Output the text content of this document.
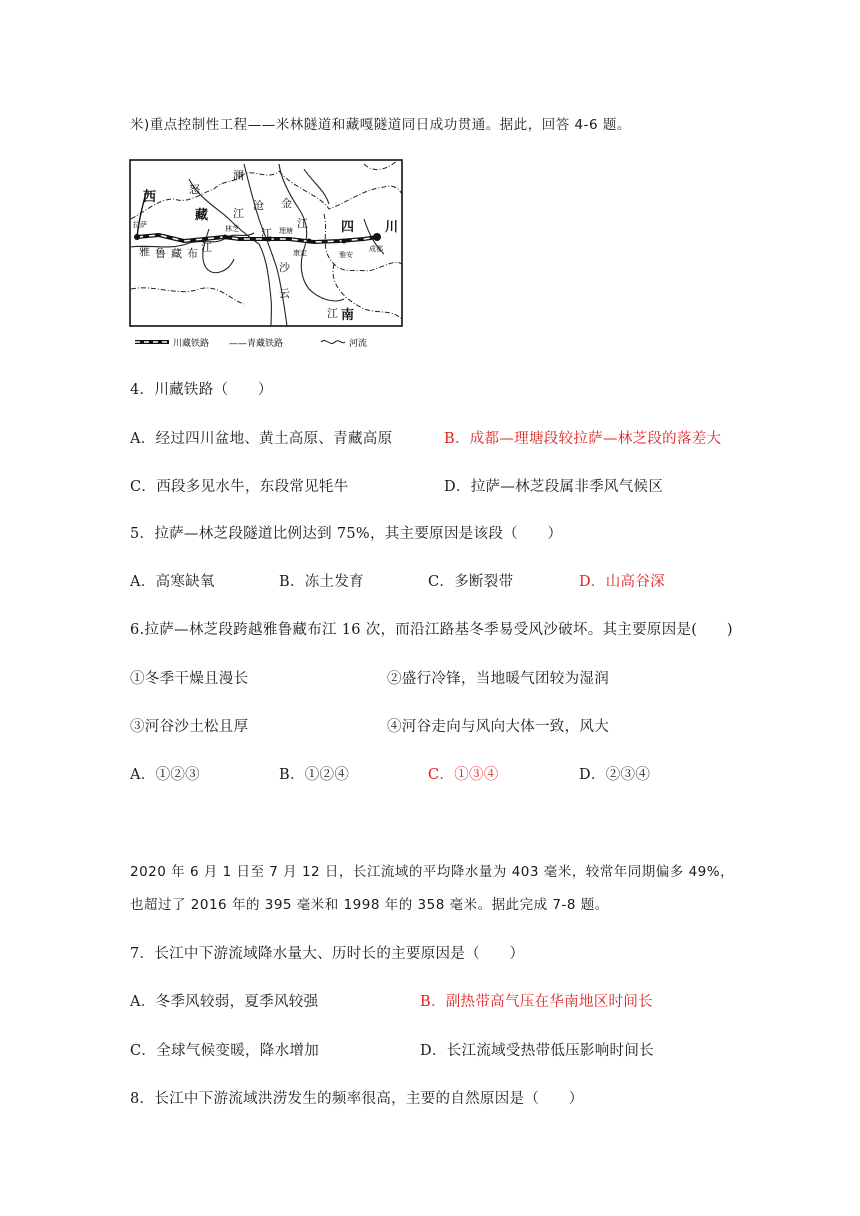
米)重点控制性工程——米林隧道和藏嘎隧道同日成功贯通。据此，回答 4-6 题。
西
藏
怒
江
澜
沧
江
金
江
沙
江
四 川
雅 鲁 藏 布 江
云
南
拉萨	林芝	理塘
康定	雅安
成都
川藏铁路 ——青藏铁路	河流
4．川藏铁路（　　）
A．经过四川盆地、黄土高原、青藏高原	B．成都—理塘段较拉萨—林芝段的落差大
C．西段多见水牛，东段常见牦牛	D．拉萨—林芝段属非季风气候区
5．拉萨—林芝段隧道比例达到 75%，其主要原因是该段（　　）
A．高寒缺氧	B．冻土发育	C．多断裂带	D．山高谷深
6.拉萨—林芝段跨越雅鲁藏布江 16 次，而沿江路基冬季易受风沙破坏。其主要原因是(　　)
①冬季干燥且漫长	②盛行冷锋，当地暖气团较为湿润
③河谷沙土松且厚	④河谷走向与风向大体一致，风大
A．①②③	B．①②④	C．①③④	D．②③④
2020 年 6 月 1 日至 7 月 12 日，长江流域的平均降水量为 403 毫米，较常年同期偏多 49%，
也超过了 2016 年的 395 毫米和 1998 年的 358 毫米。据此完成 7-8 题。
7．长江中下游流域降水量大、历时长的主要原因是（　　）
A．冬季风较弱，夏季风较强	B．副热带高气压在华南地区时间长
C．全球气候变暖，降水增加	D．长江流域受热带低压影响时间长
8．长江中下游流域洪涝发生的频率很高，主要的自然原因是（　　）
